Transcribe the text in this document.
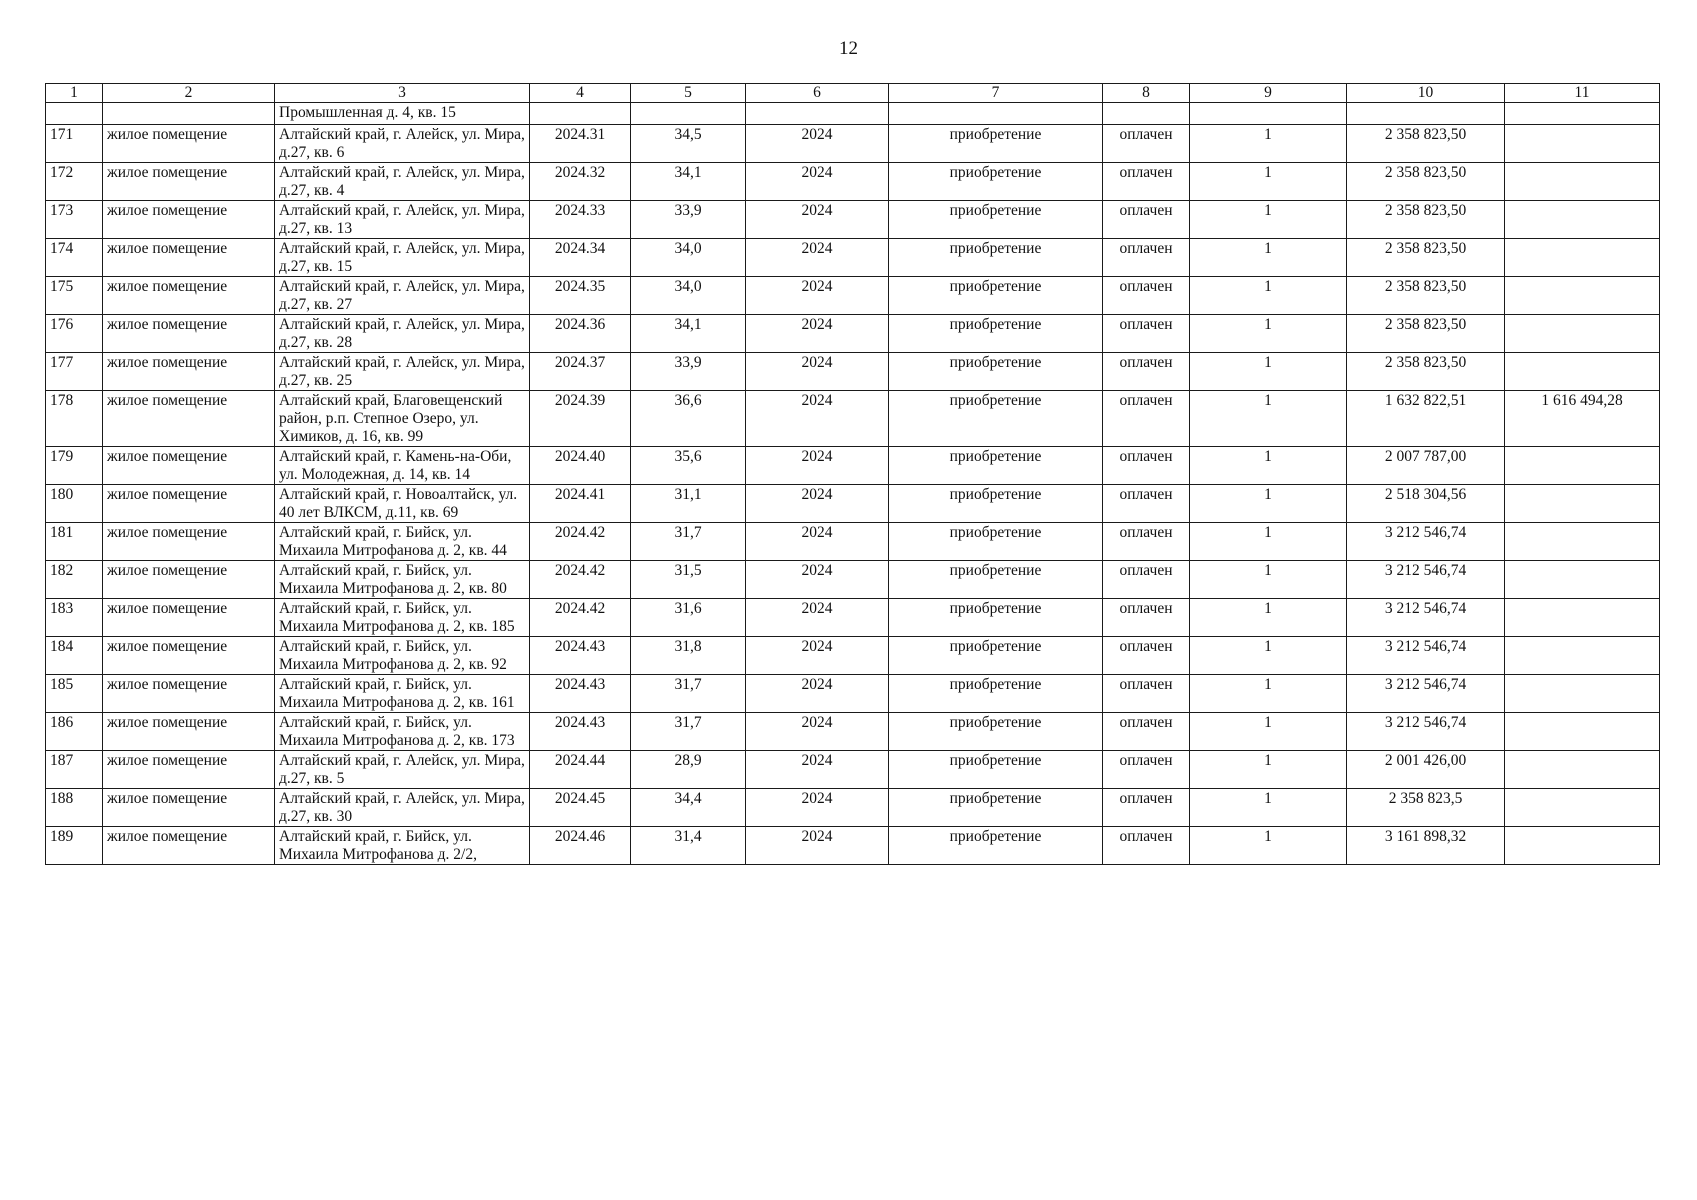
12
1	2	3	4	5	6	7	8	9	10	11
		Промышленная д. 4, кв. 15								
171	жилое помещение	Алтайский край, г. Алейск, ул. Мира, д.27, кв. 6	2024.31	34,5	2024	приобретение	оплачен	1	2 358 823,50	
172	жилое помещение	Алтайский край, г. Алейск, ул. Мира, д.27, кв. 4	2024.32	34,1	2024	приобретение	оплачен	1	2 358 823,50	
173	жилое помещение	Алтайский край, г. Алейск, ул. Мира, д.27, кв. 13	2024.33	33,9	2024	приобретение	оплачен	1	2 358 823,50	
174	жилое помещение	Алтайский край, г. Алейск, ул. Мира, д.27, кв. 15	2024.34	34,0	2024	приобретение	оплачен	1	2 358 823,50	
175	жилое помещение	Алтайский край, г. Алейск, ул. Мира, д.27, кв. 27	2024.35	34,0	2024	приобретение	оплачен	1	2 358 823,50	
176	жилое помещение	Алтайский край, г. Алейск, ул. Мира, д.27, кв. 28	2024.36	34,1	2024	приобретение	оплачен	1	2 358 823,50	
177	жилое помещение	Алтайский край, г. Алейск, ул. Мира, д.27, кв. 25	2024.37	33,9	2024	приобретение	оплачен	1	2 358 823,50	
178	жилое помещение	Алтайский край, Благовещенский район, р.п. Степное Озеро, ул. Химиков, д. 16, кв. 99	2024.39	36,6	2024	приобретение	оплачен	1	1 632 822,51	1 616 494,28
179	жилое помещение	Алтайский край, г. Камень-на-Оби, ул. Молодежная, д. 14, кв. 14	2024.40	35,6	2024	приобретение	оплачен	1	2 007 787,00	
180	жилое помещение	Алтайский край, г. Новоалтайск, ул. 40 лет ВЛКСМ, д.11, кв. 69	2024.41	31,1	2024	приобретение	оплачен	1	2 518 304,56	
181	жилое помещение	Алтайский край, г. Бийск, ул. Михаила Митрофанова д. 2, кв. 44	2024.42	31,7	2024	приобретение	оплачен	1	3 212 546,74	
182	жилое помещение	Алтайский край, г. Бийск, ул. Михаила Митрофанова д. 2, кв. 80	2024.42	31,5	2024	приобретение	оплачен	1	3 212 546,74	
183	жилое помещение	Алтайский край, г. Бийск, ул. Михаила Митрофанова д. 2, кв. 185	2024.42	31,6	2024	приобретение	оплачен	1	3 212 546,74	
184	жилое помещение	Алтайский край, г. Бийск, ул. Михаила Митрофанова д. 2, кв. 92	2024.43	31,8	2024	приобретение	оплачен	1	3 212 546,74	
185	жилое помещение	Алтайский край, г. Бийск, ул. Михаила Митрофанова д. 2, кв. 161	2024.43	31,7	2024	приобретение	оплачен	1	3 212 546,74	
186	жилое помещение	Алтайский край, г. Бийск, ул. Михаила Митрофанова д. 2, кв. 173	2024.43	31,7	2024	приобретение	оплачен	1	3 212 546,74	
187	жилое помещение	Алтайский край, г. Алейск, ул. Мира, д.27, кв. 5	2024.44	28,9	2024	приобретение	оплачен	1	2 001 426,00	
188	жилое помещение	Алтайский край, г. Алейск, ул. Мира, д.27, кв. 30	2024.45	34,4	2024	приобретение	оплачен	1	2 358 823,5	
189	жилое помещение	Алтайский край, г. Бийск, ул. Михаила Митрофанова д. 2/2,	2024.46	31,4	2024	приобретение	оплачен	1	3 161 898,32	
